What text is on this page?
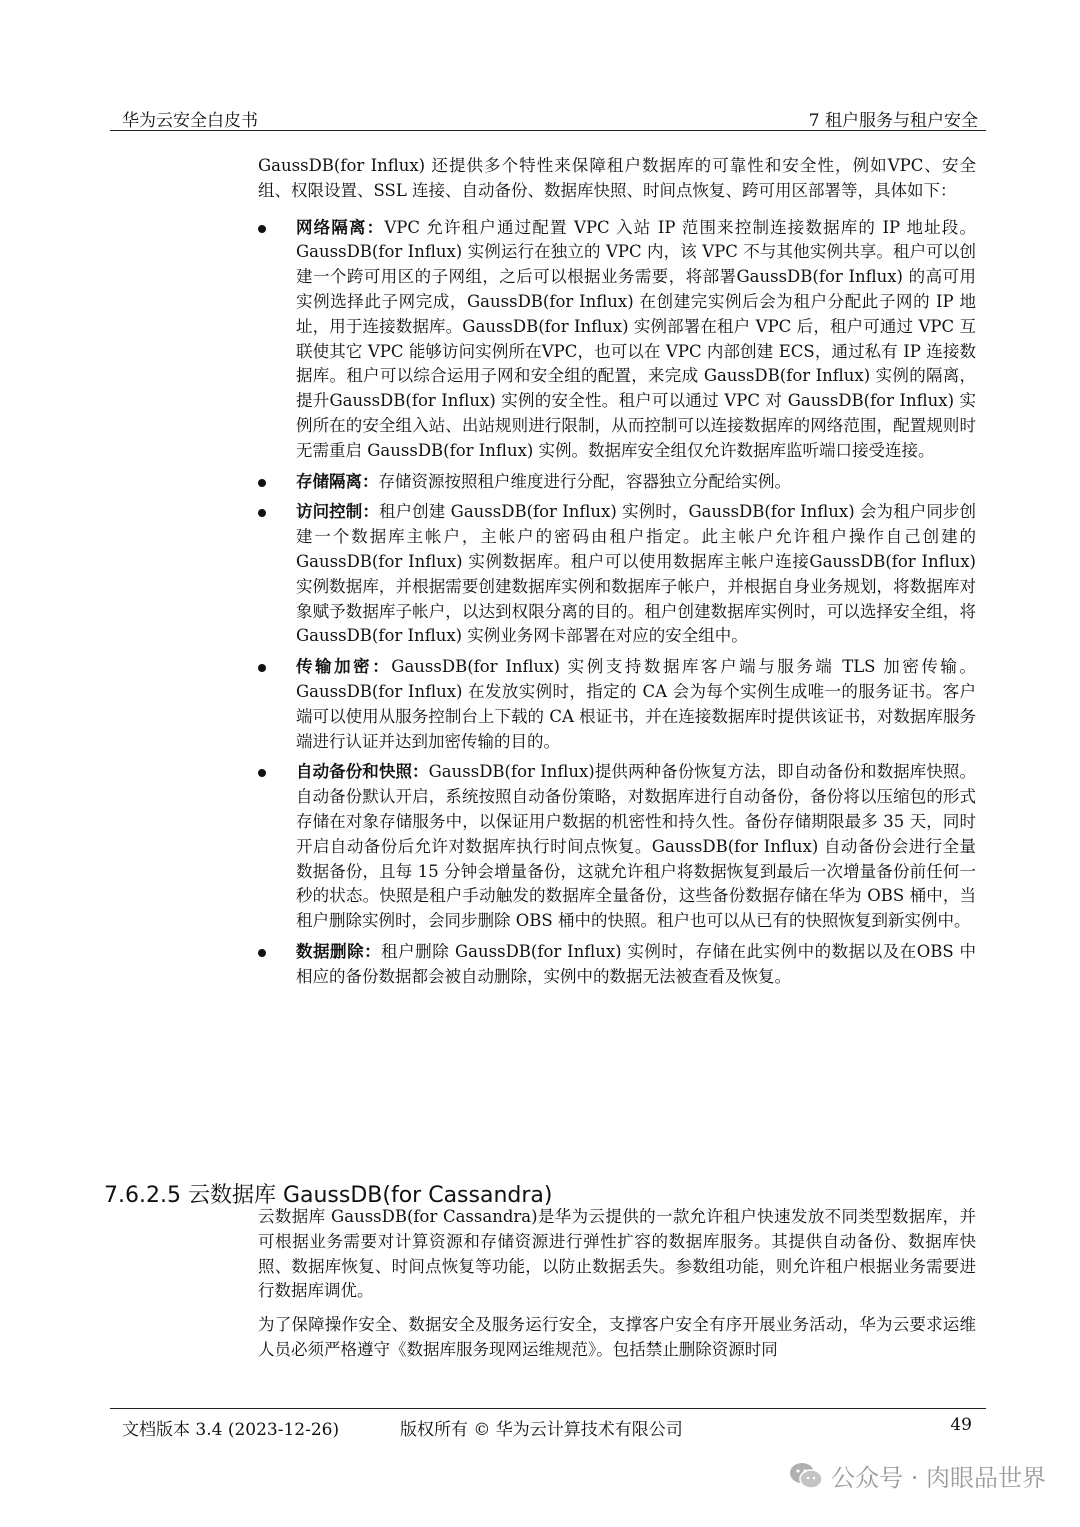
华为云安全白皮书	7 租户服务与租户安全

GaussDB(for Influx) 还提供多个特性来保障租户数据库的可靠性和安全性，例如VPC、安全组、权限设置、SSL 连接、自动备份、数据库快照、时间点恢复、跨可用区部署等，具体如下：

网络隔离：VPC 允许租户通过配置 VPC 入站 IP 范围来控制连接数据库的 IP 地址段。GaussDB(for Influx) 实例运行在独立的 VPC 内，该 VPC 不与其他实例共享。租户可以创建一个跨可用区的子网组，之后可以根据业务需要，将部署GaussDB(for Influx) 的高可用实例选择此子网完成，GaussDB(for Influx) 在创建完实例后会为租户分配此子网的 IP 地址，用于连接数据库。GaussDB(for Influx) 实例部署在租户 VPC 后，租户可通过 VPC 互联使其它 VPC 能够访问实例所在VPC，也可以在 VPC 内部创建 ECS，通过私有 IP 连接数据库。租户可以综合运用子网和安全组的配置，来完成 GaussDB(for Influx) 实例的隔离，提升GaussDB(for Influx) 实例的安全性。租户可以通过 VPC 对 GaussDB(for Influx) 实例所在的安全组入站、出站规则进行限制，从而控制可以连接数据库的网络范围，配置规则时无需重启 GaussDB(for Influx) 实例。数据库安全组仅允许数据库监听端口接受连接。
存储隔离：存储资源按照租户维度进行分配，容器独立分配给实例。
访问控制：租户创建 GaussDB(for Influx) 实例时，GaussDB(for Influx) 会为租户同步创建一个数据库主帐户，主帐户的密码由租户指定。此主帐户允许租户操作自己创建的 GaussDB(for Influx) 实例数据库。租户可以使用数据库主帐户连接GaussDB(for Influx) 实例数据库，并根据需要创建数据库实例和数据库子帐户，并根据自身业务规划，将数据库对象赋予数据库子帐户，以达到权限分离的目的。租户创建数据库实例时，可以选择安全组，将 GaussDB(for Influx) 实例业务网卡部署在对应的安全组中。
传输加密：GaussDB(for Influx) 实例支持数据库客户端与服务端 TLS 加密传输。GaussDB(for Influx) 在发放实例时，指定的 CA 会为每个实例生成唯一的服务证书。客户端可以使用从服务控制台上下载的 CA 根证书，并在连接数据库时提供该证书，对数据库服务端进行认证并达到加密传输的目的。
自动备份和快照：GaussDB(for Influx)提供两种备份恢复方法，即自动备份和数据库快照。自动备份默认开启，系统按照自动备份策略，对数据库进行自动备份，备份将以压缩包的形式存储在对象存储服务中，以保证用户数据的机密性和持久性。备份存储期限最多 35 天，同时开启自动备份后允许对数据库执行时间点恢复。GaussDB(for Influx) 自动备份会进行全量数据备份，且每 15 分钟会增量备份，这就允许租户将数据恢复到最后一次增量备份前任何一秒的状态。快照是租户手动触发的数据库全量备份，这些备份数据存储在华为 OBS 桶中，当租户删除实例时，会同步删除 OBS 桶中的快照。租户也可以从已有的快照恢复到新实例中。
数据删除：租户删除 GaussDB(for Influx) 实例时，存储在此实例中的数据以及在OBS 中相应的备份数据都会被自动删除，实例中的数据无法被查看及恢复。
7.6.2.5 云数据库 GaussDB(for Cassandra)

云数据库 GaussDB(for Cassandra)是华为云提供的一款允许租户快速发放不同类型数据库，并可根据业务需要对计算资源和存储资源进行弹性扩容的数据库服务。其提供自动备份、数据库快照、数据库恢复、时间点恢复等功能，以防止数据丢失。参数组功能，则允许租户根据业务需要进行数据库调优。

为了保障操作安全、数据安全及服务运行安全，支撑客户安全有序开展业务活动，华为云要求运维人员必须严格遵守《数据库服务现网运维规范》。包括禁止删除资源时同

文档版本 3.4 (2023-12-26)	版权所有 © 华为云计算技术有限公司	49
公众号 · 肉眼品世界
